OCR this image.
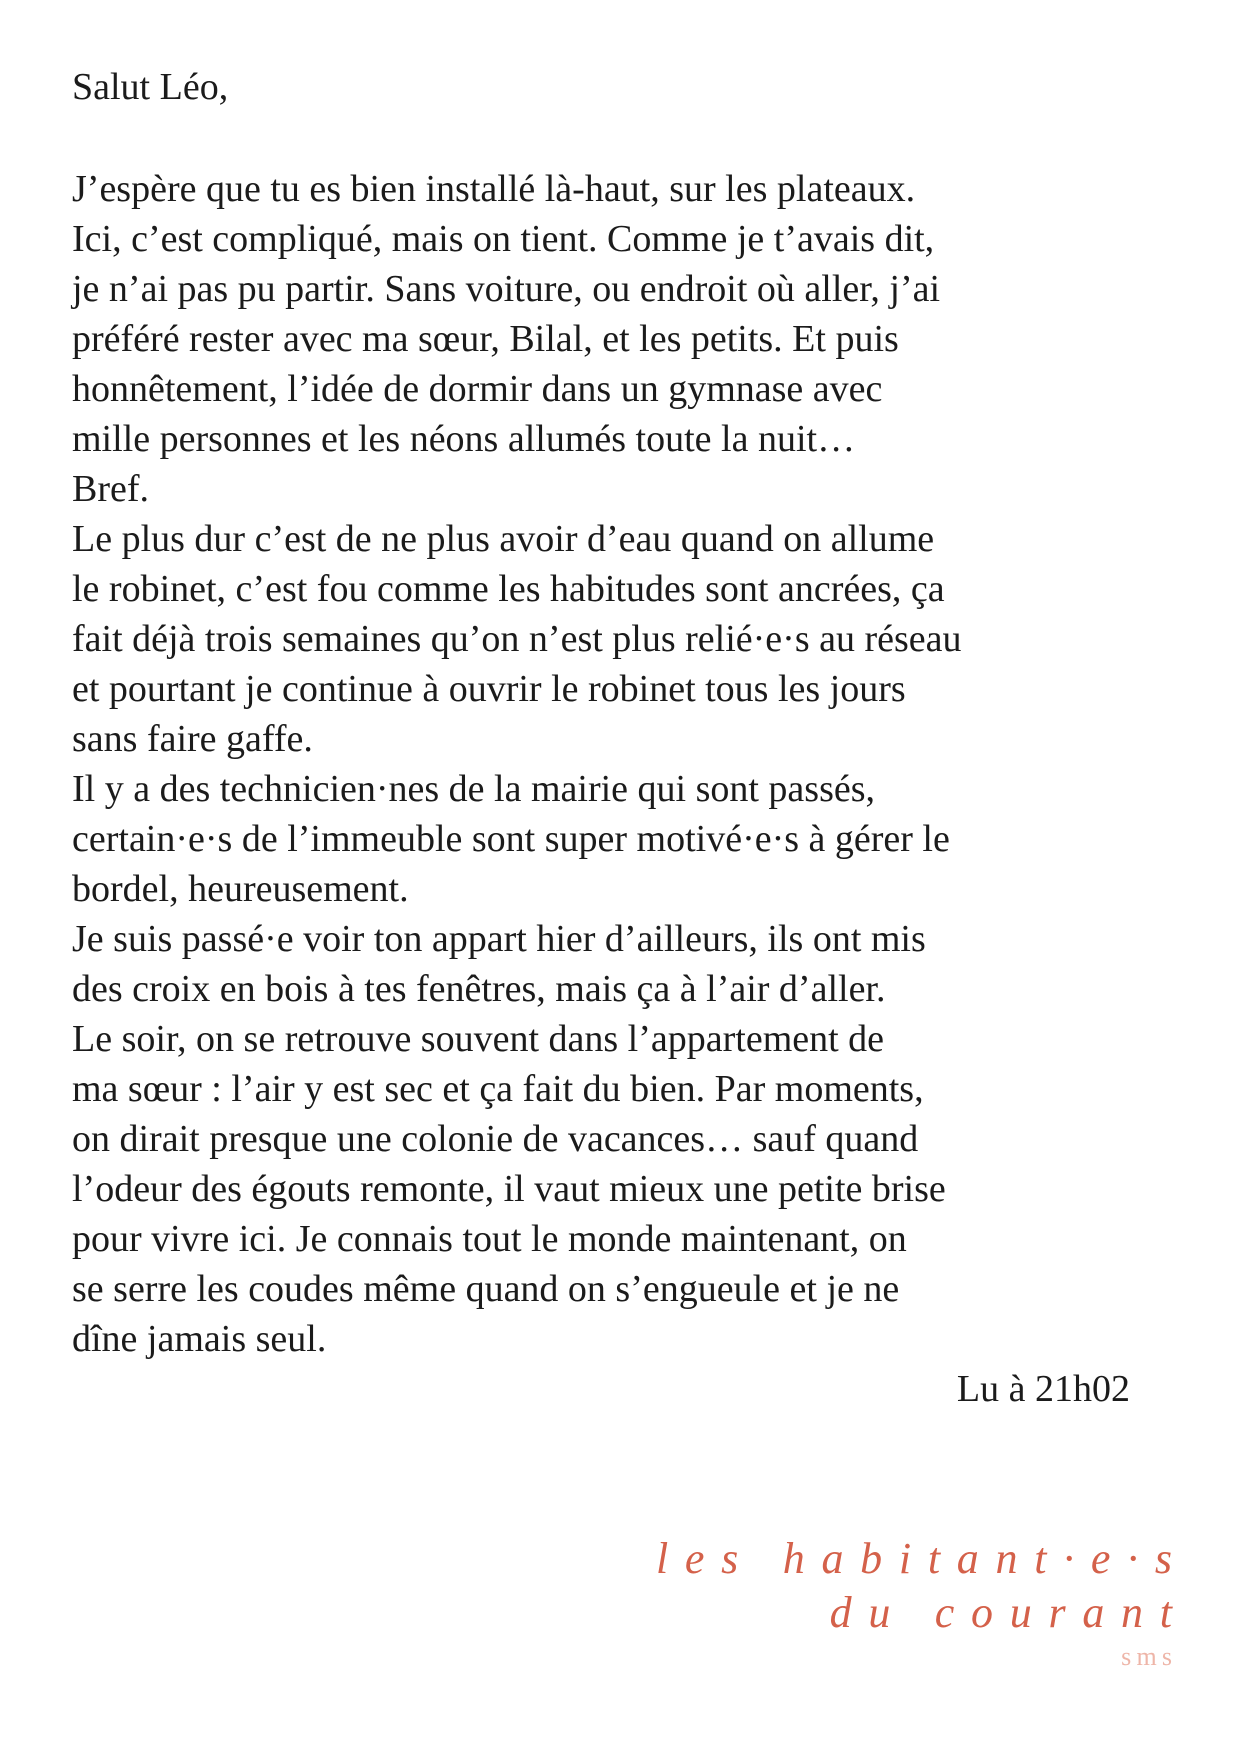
Salut Léo,

J’espère que tu es bien installé là-haut, sur les plateaux.
Ici, c’est compliqué, mais on tient. Comme je t’avais dit,
je n’ai pas pu partir. Sans voiture, ou endroit où aller, j’ai
préféré rester avec ma sœur, Bilal, et les petits. Et puis
honnêtement, l’idée de dormir dans un gymnase avec
mille personnes et les néons allumés toute la nuit…

Bref.

Le plus dur c’est de ne plus avoir d’eau quand on allume
le robinet, c’est fou comme les habitudes sont ancrées, ça
fait déjà trois semaines qu’on n’est plus relié·e·s au réseau
et pourtant je continue à ouvrir le robinet tous les jours
sans faire gaffe.

Il y a des technicien·nes de la mairie qui sont passés,
certain·e·s de l’immeuble sont super motivé·e·s à gérer le
bordel, heureusement.

Je suis passé·e voir ton appart hier d’ailleurs, ils ont mis
des croix en bois à tes fenêtres, mais ça à l’air d’aller.

Le soir, on se retrouve souvent dans l’appartement de
ma sœur : l’air y est sec et ça fait du bien. Par moments,
on dirait presque une colonie de vacances… sauf quand
l’odeur des égouts remonte, il vaut mieux une petite brise
pour vivre ici. Je connais tout le monde maintenant, on
se serre les coudes même quand on s’engueule et je ne
dîne jamais seul.

Lu à 21h02

les habitant·e·s
du courant
sms
